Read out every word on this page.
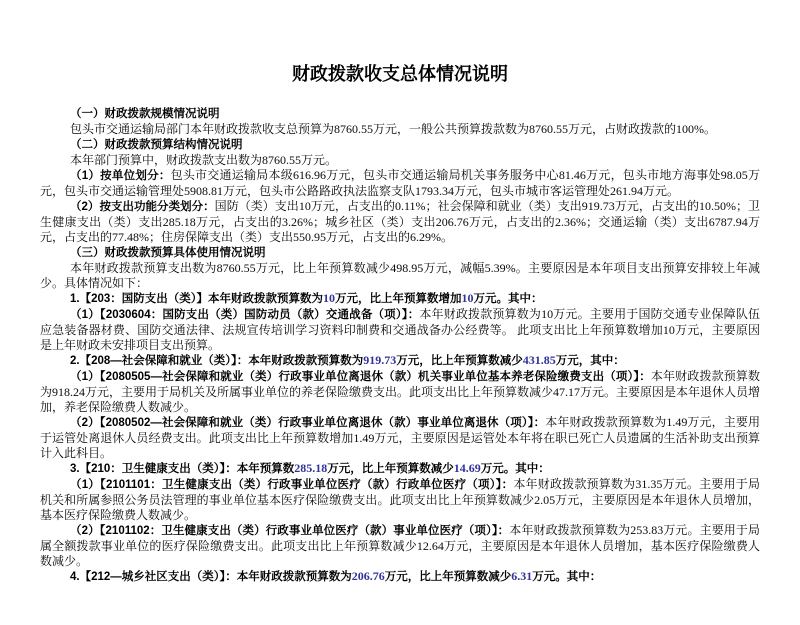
财政拨款收支总体情况说明

（一）财政拨款规模情况说明

包头市交通运输局部门本年财政拨款收支总预算为8760.55万元，一般公共预算拨款数为8760.55万元，占财政拨款的100%。

（二）财政拨款预算结构情况说明

本年部门预算中，财政拨款支出数为8760.55万元。

（1）按单位划分：包头市交通运输局本级616.96万元，包头市交通运输局机关事务服务中心81.46万元，包头市地方海事处98.05万元，包头市交通运输管理处5908.81万元，包头市公路路政执法监察支队1793.34万元，包头市城市客运管理处261.94万元。

（2）按支出功能分类划分：国防（类）支出10万元，占支出的0.11%；社会保障和就业（类）支出919.73万元，占支出的10.50%；卫生健康支出（类）支出285.18万元，占支出的3.26%；城乡社区（类）支出206.76万元，占支出的2.36%；交通运输（类）支出6787.94万元，占支出的77.48%；住房保障支出（类）支出550.95万元，占支出的6.29%。

（三）财政拨款预算具体使用情况说明

本年财政拨款预算支出数为8760.55万元，比上年预算数减少498.95万元，减幅5.39%。主要原因是本年项目支出预算安排较上年减少。具体情况如下：

1.【203：国防支出（类）】本年财政拨款预算数为10万元，比上年预算数增加10万元。其中：

（1）【2030604：国防支出（类）国防动员（款）交通战备（项）】：本年财政拨款预算数为10万元。主要用于国防交通专业保障队伍应急装备器材费、国防交通法律、法规宣传培训学习资料印制费和交通战备办公经费等。 此项支出比上年预算数增加10万元，主要原因是上年财政未安排项目支出预算。

2.【208—社会保障和就业（类）】：本年财政拨款预算数为919.73万元，比上年预算数减少431.85万元，其中：

（1）【2080505—社会保障和就业（类）行政事业单位离退休（款）机关事业单位基本养老保险缴费支出（项）】：本年财政拨款预算数为918.24万元，主要用于局机关及所属事业单位的养老保险缴费支出。此项支出比上年预算数减少47.17万元。主要原因是本年退休人员增加，养老保险缴费人数减少。

（2）【2080502—社会保障和就业（类）行政事业单位离退休（款）事业单位离退休（项）】：本年财政拨款预算数为1.49万元，主要用于运管处离退休人员经费支出。此项支出比上年预算数增加1.49万元，主要原因是运管处本年将在职已死亡人员遗属的生活补助支出预算计入此科目。

3.【210：卫生健康支出（类）】：本年预算数285.18万元，比上年预算数减少14.69万元。其中：

（1）【2101101：卫生健康支出（类）行政事业单位医疗（款）行政单位医疗（项）】：本年财政拨款预算数为31.35万元。主要用于局机关和所属参照公务员法管理的事业单位基本医疗保险缴费支出。此项支出比上年预算数减少2.05万元，主要原因是本年退休人员增加，基本医疗保险缴费人数减少。

（2）【2101102：卫生健康支出（类）行政事业单位医疗（款）事业单位医疗（项）】：本年财政拨款预算数为253.83万元。主要用于局属全额拨款事业单位的医疗保险缴费支出。此项支出比上年预算数减少12.64万元，主要原因是本年退休人员增加，基本医疗保险缴费人数减少。

4.【212—城乡社区支出（类）】：本年财政拨款预算数为206.76万元，比上年预算数减少6.31万元。其中：
